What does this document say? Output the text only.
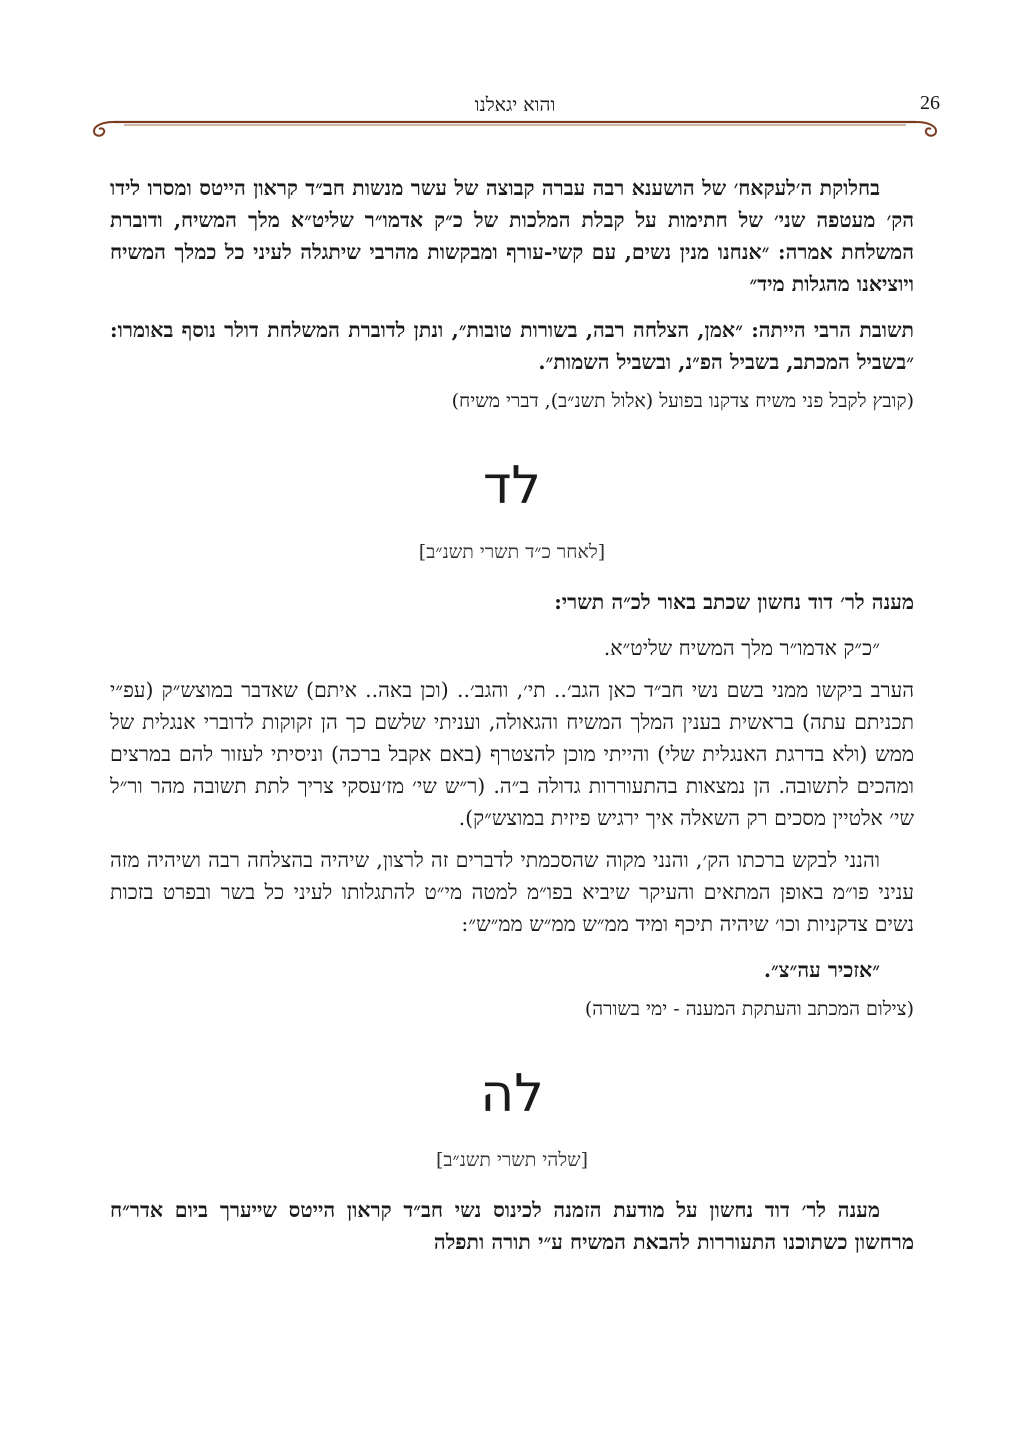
26
והוא יגאלנו

בחלוקת ה׳לעקאח׳ של הושענא רבה עברה קבוצה של עשר מנשות חב״ד קראון הייטס ומסרו לידו הק׳ מעטפה שני׳ של חתימות על קבלת המלכות של כ״ק אדמו״ר שליט״א מלך המשיח, ודוברת המשלחת אמרה: ״אנחנו מנין נשים, עם קשי-עורף ומבקשות מהרבי שיתגלה לעיני כל כמלך המשיח ויוציאנו מהגלות מיד״

תשובת הרבי הייתה: ״אמן, הצלחה רבה, בשורות טובות״, ונתן לדוברת המשלחת דולר נוסף באומרו: ״בשביל המכתב, בשביל הפ״נ, ובשביל השמות״.

(קובץ לקבל פני משיח צדקנו בפועל (אלול תשנ״ב), דברי משיח)

לד
[לאחר כ״ד תשרי תשנ״ב]

מענה לר׳ דוד נחשון שכתב באור לכ״ה תשרי:

״כ״ק אדמו״ר מלך המשיח שליט״א.

הערב ביקשו ממני בשם נשי חב״ד כאן הגב׳.. תי׳, והגב׳.. (וכן באה.. איתם) שאדבר במוצש״ק (עפ״י תכניתם עתה) בראשית בענין המלך המשיח והגאולה, ועניתי שלשם כך הן זקוקות לדוברי אנגלית של ממש (ולא בדרגת האנגלית שלי) והייתי מוכן להצטרף (באם אקבל ברכה) וניסיתי לעזור להם במרצים ומהכים לתשובה. הן נמצאות בהתעוררות גדולה ב״ה. (ר״ש שי׳ מז׳עסקי צריך לתת תשובה מהר ור״ל שי׳ אלטיין מסכים רק השאלה איך ירגיש פיזית במוצש״ק).

והנני לבקש ברכתו הק׳, והנני מקוה שהסכמתי לדברים זה לרצון, שיהיה בהצלחה רבה ושיהיה מזה עניני פו״מ באופן המתאים והעיקר שיביא בפו״מ למטה מי״ט להתגלותו לעיני כל בשר ובפרט בזכות נשים צדקניות וכו׳ שיהיה תיכף ומיד ממ״ש ממ״ש ממ״ש״:

״אזכיר עה״צ״.

(צילום המכתב והעתקת המענה - ימי בשורה)

לה
[שלהי תשרי תשנ״ב]

מענה לר׳ דוד נחשון על מודעת הזמנה לכינוס נשי חב״ד קראון הייטס שייערך ביום אדר״ח מרחשון כשתוכנו התעוררות להבאת המשיח ע״י תורה ותפלה
